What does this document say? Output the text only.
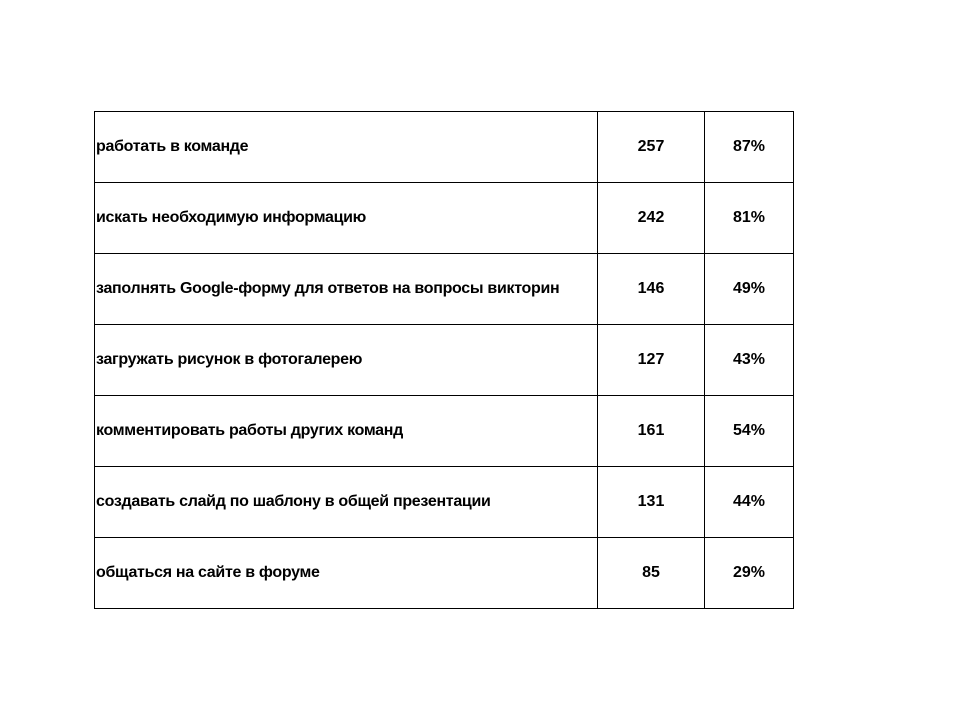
работать в команде	257	87%
искать необходимую информацию	242	81%
заполнять Google-форму для ответов на вопросы викторин	146	49%
загружать рисунок в фотогалерею	127	43%
комментировать работы других команд	161	54%
создавать слайд по шаблону в общей презентации	131	44%
общаться на сайте в форуме	85	29%
